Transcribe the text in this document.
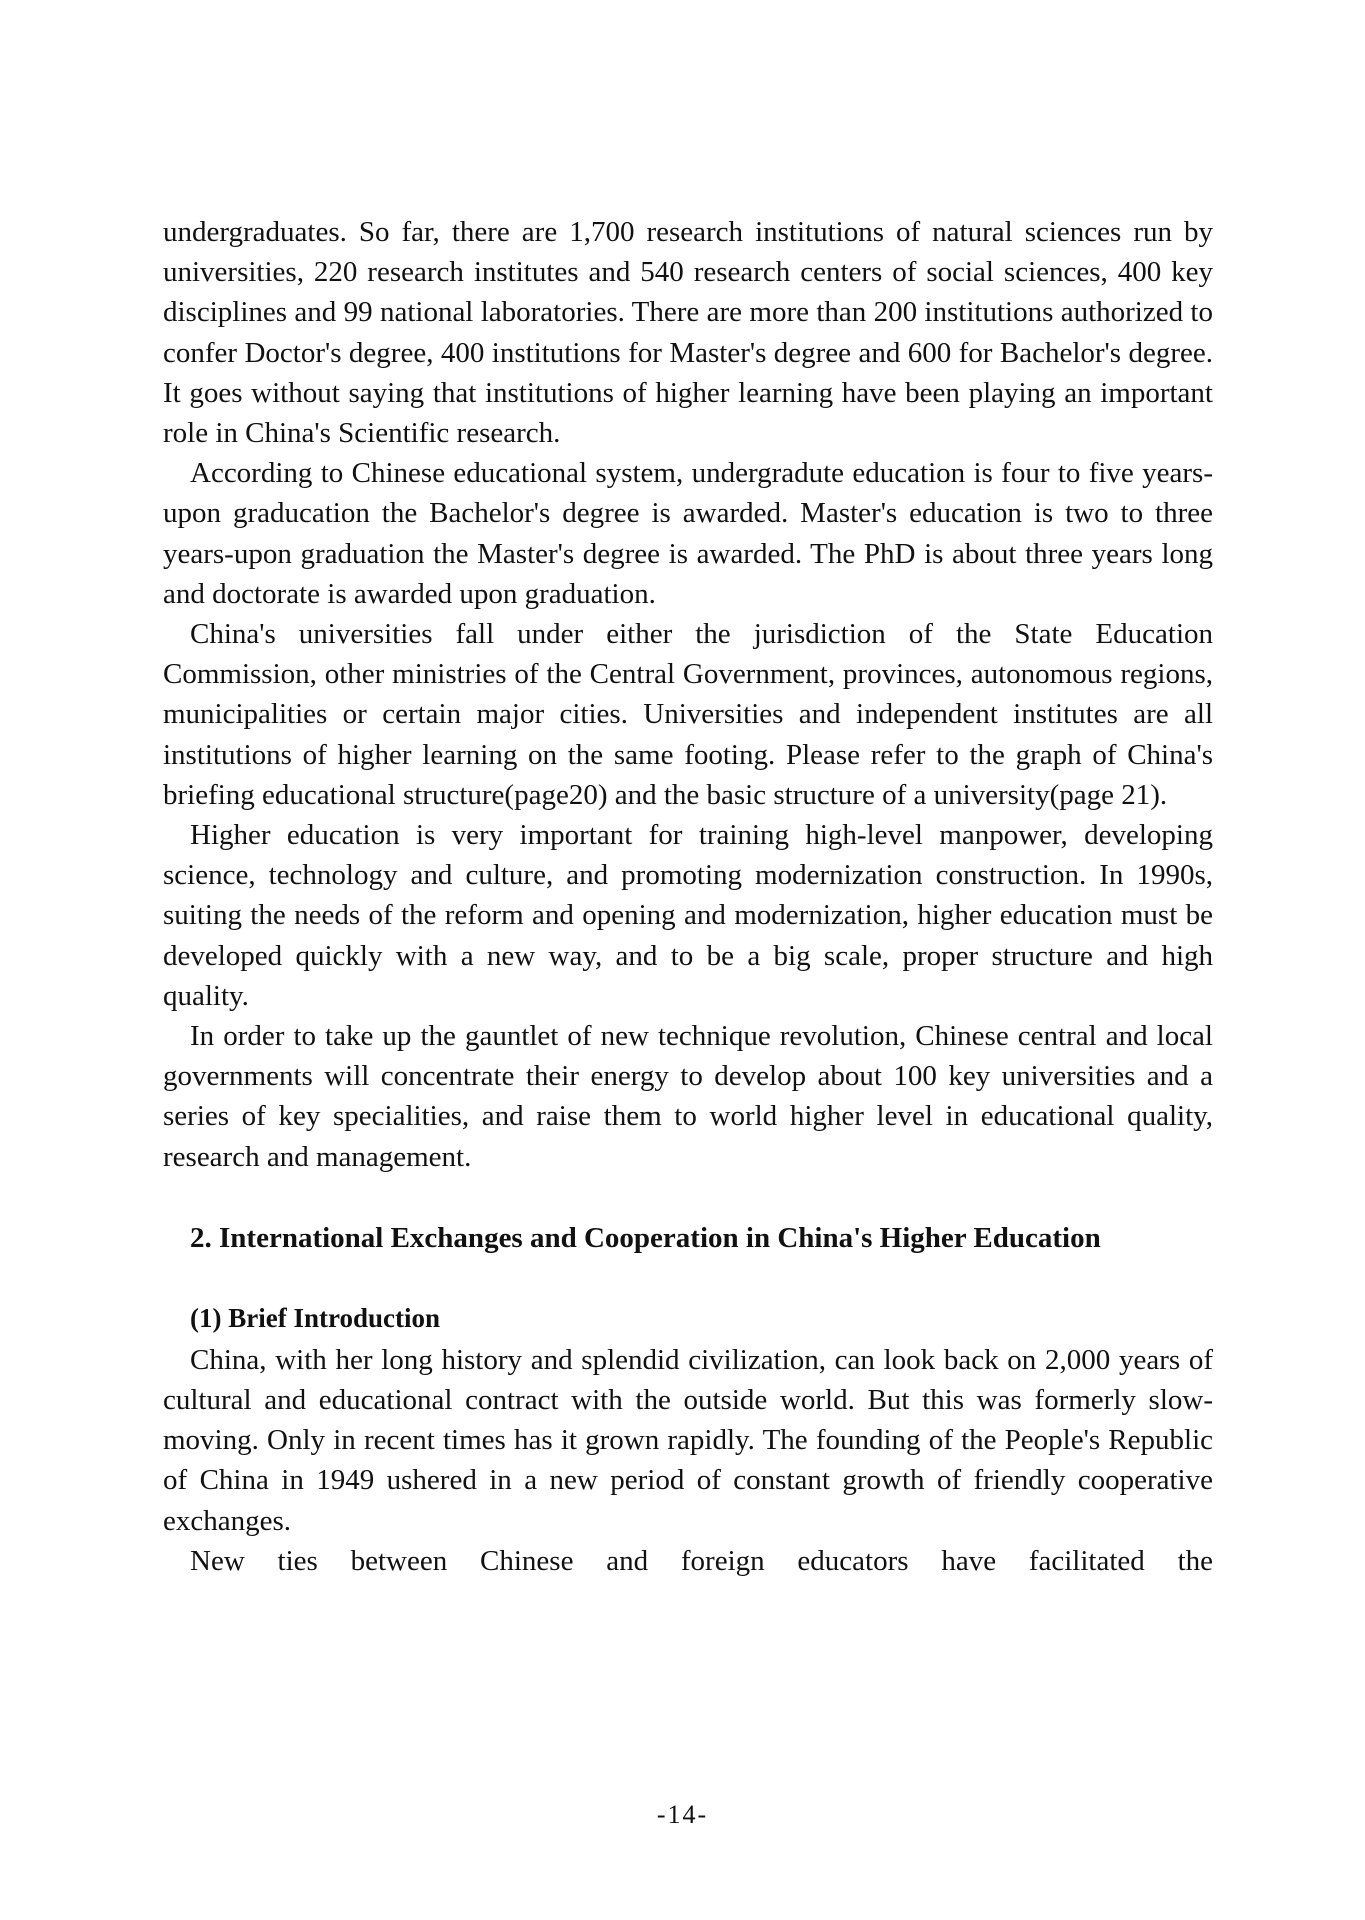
undergraduates. So far, there are 1,700 research institutions of natural sciences run by universities, 220 research institutes and 540 research centers of social sciences, 400 key disciplines and 99 national laboratories. There are more than 200 institutions authorized to confer Doctor's degree, 400 institutions for Master's degree and 600 for Bachelor's degree. It goes without saying that institutions of higher learning have been playing an important role in China's Scientific research.

According to Chinese educational system, undergradute education is four to five years-upon graducation the Bachelor's degree is awarded. Master's education is two to three years-upon graduation the Master's degree is awarded. The PhD is about three years long and doctorate is awarded upon graduation.

China's universities fall under either the jurisdiction of the State Education Commission, other ministries of the Central Government, provinces, autonomous regions, municipalities or certain major cities. Universities and independent institutes are all institutions of higher learning on the same footing. Please refer to the graph of China's briefing educational structure(page20) and the basic structure of a university(page 21).

Higher education is very important for training high-level manpower, developing science, technology and culture, and promoting modernization construction. In 1990s, suiting the needs of the reform and opening and modernization, higher education must be developed quickly with a new way, and to be a big scale, proper structure and high quality.

In order to take up the gauntlet of new technique revolution, Chinese central and local governments will concentrate their energy to develop about 100 key universities and a series of key specialities, and raise them to world higher level in educational quality, research and management.

2. International Exchanges and Cooperation in China's Higher Education
(1) Brief Introduction

China, with her long history and splendid civilization, can look back on 2,000 years of cultural and educational contract with the outside world. But this was formerly slow-moving. Only in recent times has it grown rapidly. The founding of the People's Republic of China in 1949 ushered in a new period of constant growth of friendly cooperative exchanges.

New ties between Chinese and foreign educators have facilitated the

-14-
